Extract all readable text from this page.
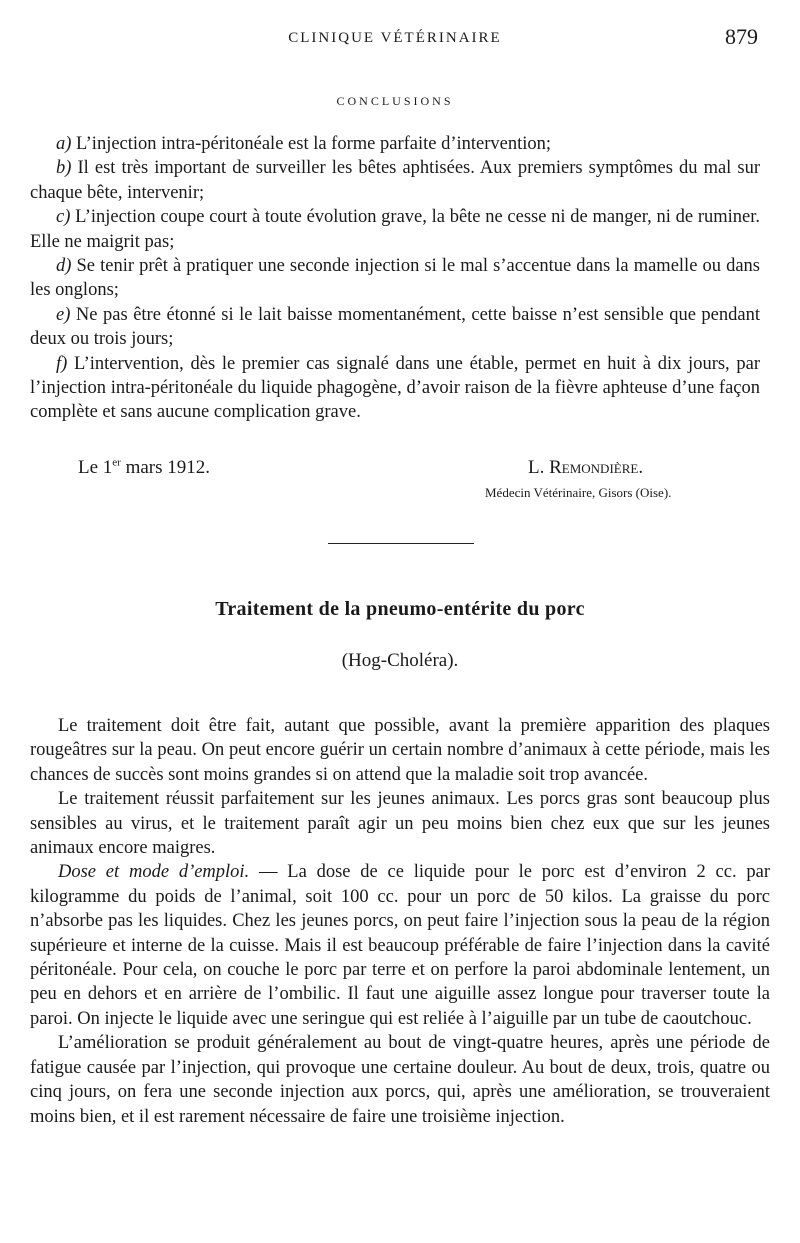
CLINIQUE VÉTÉRINAIRE	879
CONCLUSIONS

a) L’injection intra-péritonéale est la forme parfaite d’intervention;

b) Il est très important de surveiller les bêtes aphtisées. Aux premiers symptômes du mal sur chaque bête, intervenir;

c) L’injection coupe court à toute évolution grave, la bête ne cesse ni de manger, ni de ruminer. Elle ne maigrit pas;

d) Se tenir prêt à pratiquer une seconde injection si le mal s’accentue dans la mamelle ou dans les onglons;

e) Ne pas être étonné si le lait baisse momentanément, cette baisse n’est sensible que pendant deux ou trois jours;

f) L’intervention, dès le premier cas signalé dans une étable, permet en huit à dix jours, par l’injection intra-péritonéale du liquide phagogène, d’avoir raison de la fièvre aphteuse d’une façon complète et sans aucune complication grave.

Le 1er mars 1912.	L. Remondière.
Médecin Vétérinaire, Gisors (Oise).
Traitement de la pneumo-entérite du porc
(Hog-Choléra).

Le traitement doit être fait, autant que possible, avant la première apparition des plaques rougeâtres sur la peau. On peut encore guérir un certain nombre d’animaux à cette période, mais les chances de succès sont moins grandes si on attend que la maladie soit trop avancée.

Le traitement réussit parfaitement sur les jeunes animaux. Les porcs gras sont beaucoup plus sensibles au virus, et le traitement paraît agir un peu moins bien chez eux que sur les jeunes animaux encore maigres.

Dose et mode d’emploi. — La dose de ce liquide pour le porc est d’environ 2 cc. par kilogramme du poids de l’animal, soit 100 cc. pour un porc de 50 kilos. La graisse du porc n’absorbe pas les liquides. Chez les jeunes porcs, on peut faire l’injection sous la peau de la région supérieure et interne de la cuisse. Mais il est beaucoup préférable de faire l’injection dans la cavité péritonéale. Pour cela, on couche le porc par terre et on perfore la paroi abdominale lentement, un peu en dehors et en arrière de l’ombilic. Il faut une aiguille assez longue pour traverser toute la paroi. On injecte le liquide avec une seringue qui est reliée à l’aiguille par un tube de caoutchouc.

L’amélioration se produit généralement au bout de vingt-quatre heures, après une période de fatigue causée par l’injection, qui provoque une certaine douleur. Au bout de deux, trois, quatre ou cinq jours, on fera une seconde injection aux porcs, qui, après une amélioration, se trouveraient moins bien, et il est rarement nécessaire de faire une troisième injection.
